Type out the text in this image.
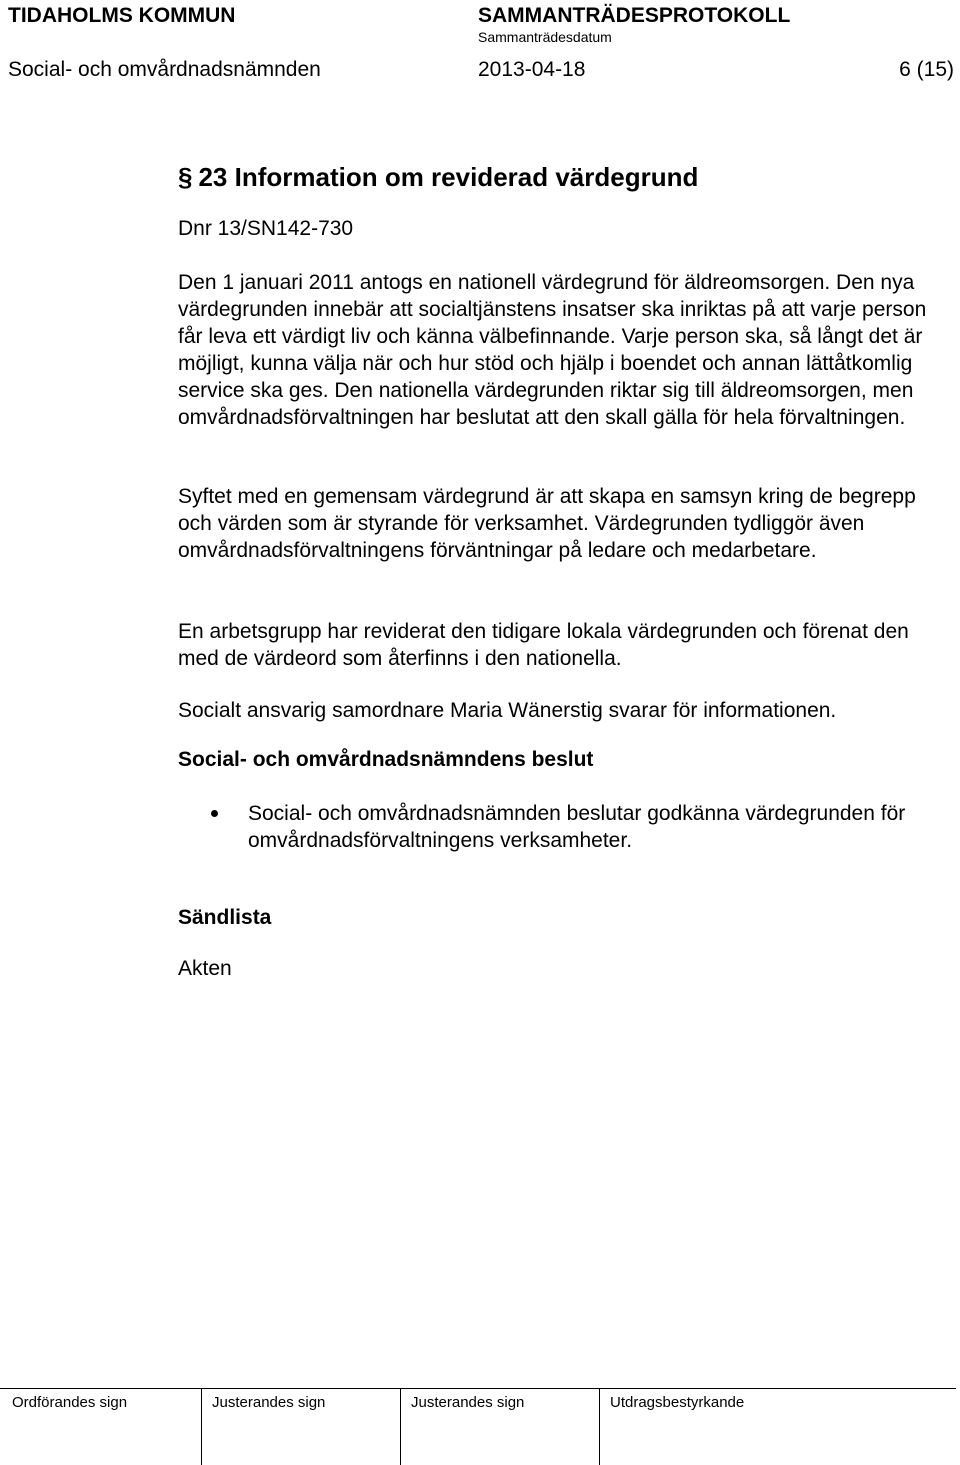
TIDAHOLMS KOMMUN	SAMMANTRÄDESPROTOKOLL
Sammanträdesdatum
Social- och omvårdnadsnämnden	2013-04-18	6 (15)
§ 23 Information om reviderad värdegrund
Dnr 13/SN142-730

Den 1 januari 2011 antogs en nationell värdegrund för äldreomsorgen. Den nya värdegrunden innebär att socialtjänstens insatser ska inriktas på att varje person får leva ett värdigt liv och känna välbefinnande. Varje person ska, så långt det är möjligt, kunna välja när och hur stöd och hjälp i boendet och annan lättåtkomlig service ska ges. Den nationella värdegrunden riktar sig till äldreomsorgen, men omvårdnadsförvaltningen har beslutat att den skall gälla för hela förvaltningen.

Syftet med en gemensam värdegrund är att skapa en samsyn kring de begrepp och värden som är styrande för verksamhet. Värdegrunden tydliggör även omvårdnadsförvaltningens förväntningar på ledare och medarbetare.

En arbetsgrupp har reviderat den tidigare lokala värdegrunden och förenat den med de värdeord som återfinns i den nationella.

Socialt ansvarig samordnare Maria Wänerstig svarar för informationen.

Social- och omvårdnadsnämndens beslut
Social- och omvårdnadsnämnden beslutar godkänna värdegrunden för omvårdnadsförvaltningens verksamheter.
Sändlista
Akten
Ordförandes sign	Justerandes sign	Justerandes sign	Utdragsbestyrkande
